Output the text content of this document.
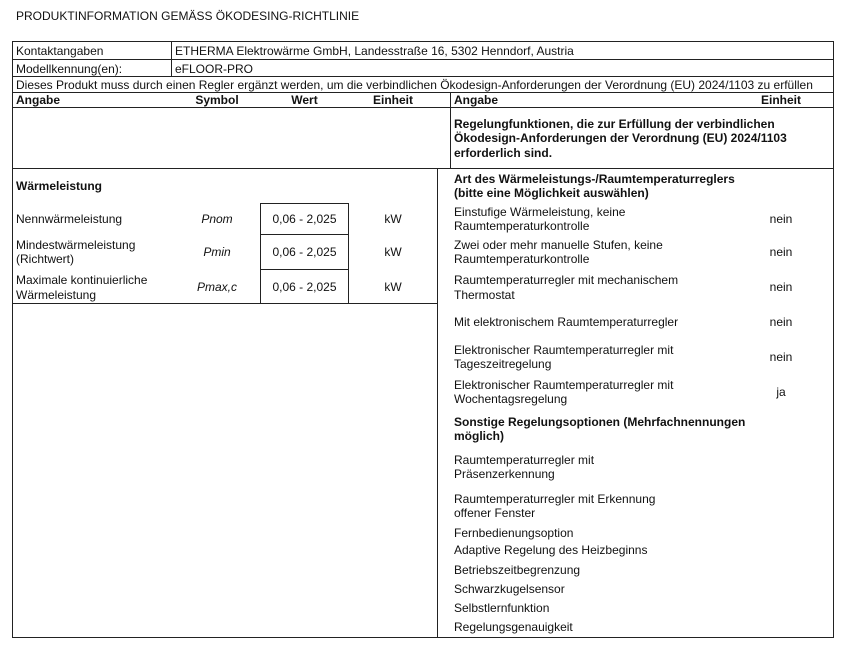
PRODUKTINFORMATION GEMÄSS ÖKODESING-RICHTLINIE
Kontaktangaben	ETHERMA Elektrowärme GmbH, Landesstraße 16, 5302 Henndorf, Austria
Modellkennung(en):	eFLOOR-PRO
Dieses Produkt muss durch einen Regler ergänzt werden, um die verbindlichen Ökodesign-Anforderungen der Verordnung (EU) 2024/1103 zu erfüllen
Angabe	Symbol	Wert	Einheit	Angabe	Einheit
Regelungfunktionen, die zur Erfüllung der verbindlichen
Ökodesign-Anforderungen der Verordnung (EU) 2024/1103
erforderlich sind.
Wärmeleistung
Nennwärmeleistung	Pnom	0,06 - 2,025	kW
Mindestwärmeleistung
(Richtwert)	Pmin	0,06 - 2,025	kW
Maximale kontinuierliche
Wärmeleistung
Pmax,c	0,06 - 2,025	kW
Art des Wärmeleistungs-/Raumtemperaturreglers
(bitte eine Möglichkeit auswählen)
Einstufige Wärmeleistung, keine
Raumtemperaturkontrolle	nein
Zwei oder mehr manuelle Stufen, keine
Raumtemperaturkontrolle	nein
Raumtemperaturregler mit mechanischem
Thermostat
nein
Mit elektronischem Raumtemperaturregler	nein
Elektronischer Raumtemperaturregler mit
Tageszeitregelung	nein
Elektronischer Raumtemperaturregler mit
Wochentagsregelung	ja
Sonstige Regelungsoptionen (Mehrfachnennungen
möglich)
Raumtemperaturregler mit
Präsenzerkennung
Raumtemperaturregler mit Erkennung
offener Fenster
Fernbedienungsoption
Adaptive Regelung des Heizbeginns
Betriebszeitbegrenzung
Schwarzkugelsensor
Selbstlernfunktion
Regelungsgenauigkeit
